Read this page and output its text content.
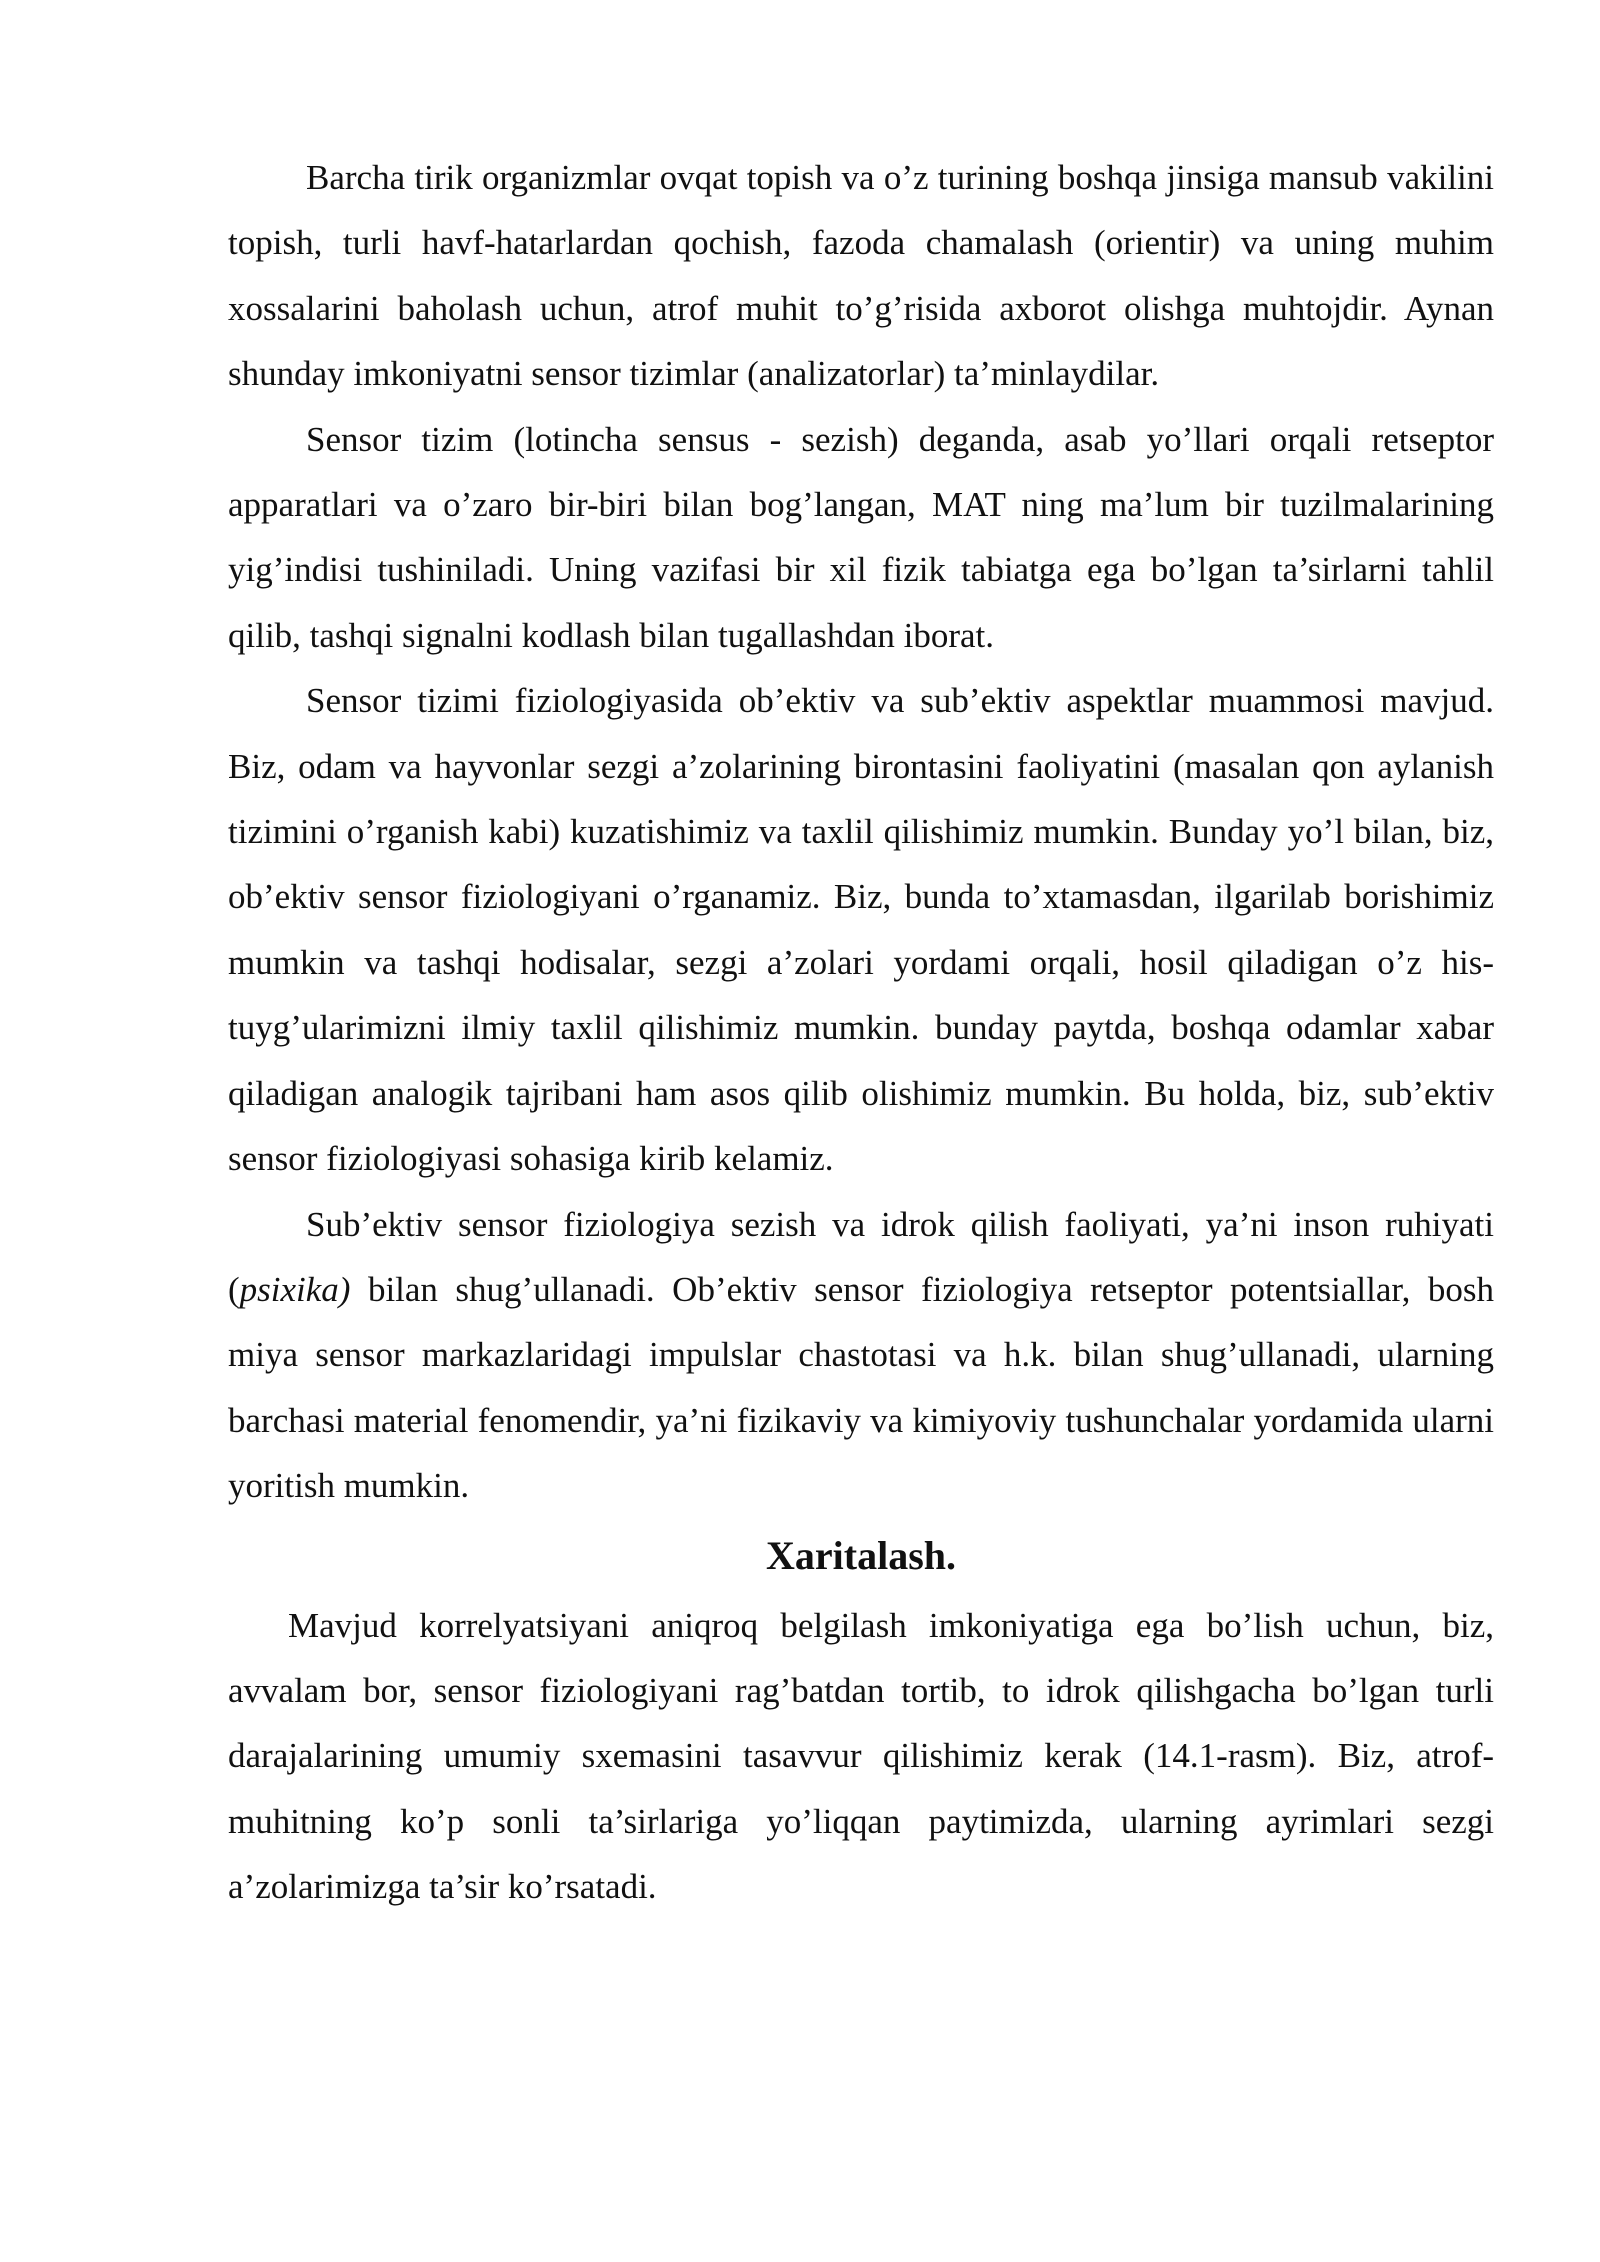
Barcha tirik organizmlar ovqat topish va o’z turining boshqa jinsiga mansub vakilini topish, turli havf-hatarlardan qochish, fazoda chamalash (orientir) va uning muhim xossalarini baholash uchun, atrof muhit to’g’risida axborot olishga muhtojdir. Aynan shunday imkoniyatni sensor tizimlar (analizatorlar) ta’minlaydilar.

Sensor tizim (lotincha sensus - sezish) deganda, asab yo’llari orqali retseptor apparatlari va o’zaro bir-biri bilan bog’langan, MAT ning ma’lum bir tuzilmalarining yig’indisi tushiniladi. Uning vazifasi bir xil fizik tabiatga ega bo’lgan ta’sirlarni tahlil qilib, tashqi signalni kodlash bilan tugallashdan iborat.

Sensor tizimi fiziologiyasida ob’ektiv va sub’ektiv aspektlar muammosi mavjud. Biz, odam va hayvonlar sezgi a’zolarining birontasini faoliyatini (masalan qon aylanish tizimini o’rganish kabi) kuzatishimiz va taxlil qilishimiz mumkin. Bunday yo’l bilan, biz, ob’ektiv sensor fiziologiyani o’rganamiz. Biz, bunda to’xtamasdan, ilgarilab borishimiz mumkin va tashqi hodisalar, sezgi a’zolari yordami orqali, hosil qiladigan o’z his-tuyg’ularimizni ilmiy taxlil qilishimiz mumkin. bunday paytda, boshqa odamlar xabar qiladigan analogik tajribani ham asos qilib olishimiz mumkin. Bu holda, biz, sub’ektiv sensor fiziologiyasi sohasiga kirib kelamiz.

Sub’ektiv sensor fiziologiya sezish va idrok qilish faoliyati, ya’ni inson ruhiyati (psixika) bilan shug’ullanadi. Ob’ektiv sensor fiziologiya retseptor potentsiallar, bosh miya sensor markazlaridagi impulslar chastotasi va h.k. bilan shug’ullanadi, ularning barchasi material fenomendir, ya’ni fizikaviy va kimiyoviy tushunchalar yordamida ularni yoritish mumkin.

Xaritalash.

Mavjud korrelyatsiyani aniqroq belgilash imkoniyatiga ega bo’lish uchun, biz, avvalam bor, sensor fiziologiyani rag’batdan tortib, to idrok qilishgacha bo’lgan turli darajalarining umumiy sxemasini tasavvur qilishimiz kerak (14.1-rasm). Biz, atrof-muhitning ko’p sonli ta’sirlariga yo’liqqan paytimizda, ularning ayrimlari sezgi a’zolarimizga ta’sir ko’rsatadi.
